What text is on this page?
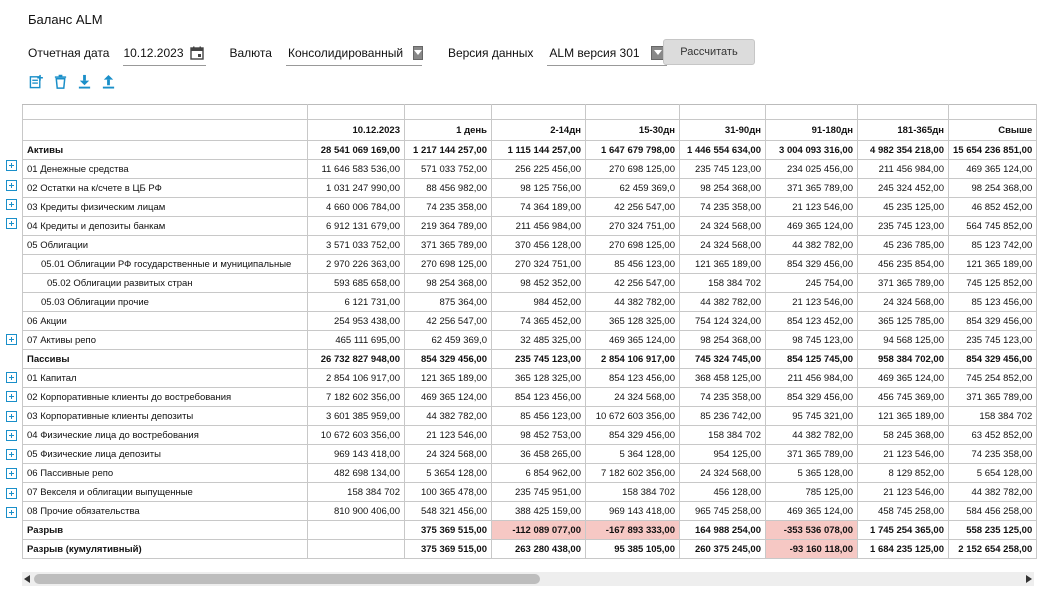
Баланс ALM
Отчетная дата 10.12.2023	Валюта Консолидированный	Версия данных ALM версия 301	Рассчитать

	10.12.2023	1 день	2-14дн	15-30дн	31-90дн	91-180дн	181-365дн	Свыше
Активы	28 541 069 169,00	1 217 144 257,00	1 115 144 257,00	1 647 679 798,00	1 446 554 634,00	3 004 093 316,00	4 982 354 218,00	15 654 236 851,00
01 Денежные средства	11 646 583 536,00	571 033 752,00	256 225 456,00	270 698 125,00	235 745 123,00	234 025 456,00	211 456 984,00	469 365 124,00
02 Остатки на к/счете в ЦБ РФ	1 031 247 990,00	88 456 982,00	98 125 756,00	62 459 369,0	98 254 368,00	371 365 789,00	245 324 452,00	98 254 368,00
03 Кредиты физическим лицам	4 660 006 784,00	74 235 358,00	74 364 189,00	42 256 547,00	74 235 358,00	21 123 546,00	45 235 125,00	46 852 452,00
04 Кредиты и депозиты банкам	6 912 131 679,00	219 364 789,00	211 456 984,00	270 324 751,00	24 324 568,00	469 365 124,00	235 745 123,00	564 745 852,00
05 Облигации	3 571 033 752,00	371 365 789,00	370 456 128,00	270 698 125,00	24 324 568,00	44 382 782,00	45 236 785,00	85 123 742,00
05.01 Облигации РФ государственные и муниципальные	2 970 226 363,00	270 698 125,00	270 324 751,00	85 456 123,00	121 365 189,00	854 329 456,00	456 235 854,00	121 365 189,00
05.02 Облигации развитых стран	593 685 658,00	98 254 368,00	98 452 352,00	42 256 547,00	158 384 702	245 754,00	371 365 789,00	745 125 852,00
05.03 Облигации прочие	6 121 731,00	875 364,00	984 452,00	44 382 782,00	44 382 782,00	21 123 546,00	24 324 568,00	85 123 456,00
06 Акции	254 953 438,00	42 256 547,00	74 365 452,00	365 128 325,00	754 124 324,00	854 123 452,00	365 125 785,00	854 329 456,00
07 Активы репо	465 111 695,00	62 459 369,0	32 485 325,00	469 365 124,00	98 254 368,00	98 745 123,00	94 568 125,00	235 745 123,00
Пассивы	26 732 827 948,00	854 329 456,00	235 745 123,00	2 854 106 917,00	745 324 745,00	854 125 745,00	958 384 702,00	854 329 456,00
01 Капитал	2 854 106 917,00	121 365 189,00	365 128 325,00	854 123 456,00	368 458 125,00	211 456 984,00	469 365 124,00	745 254 852,00
02 Корпоративные клиенты до востребования	7 182 602 356,00	469 365 124,00	854 123 456,00	24 324 568,00	74 235 358,00	854 329 456,00	456 745 369,00	371 365 789,00
03 Корпоративные клиенты депозиты	3 601 385 959,00	44 382 782,00	85 456 123,00	10 672 603 356,00	85 236 742,00	95 745 321,00	121 365 189,00	158 384 702
04 Физические лица до востребования	10 672 603 356,00	21 123 546,00	98 452 753,00	854 329 456,00	158 384 702	44 382 782,00	58 245 368,00	63 452 852,00
05 Физические лица депозиты	969 143 418,00	24 324 568,00	36 458 265,00	5 364 128,00	954 125,00	371 365 789,00	21 123 546,00	74 235 358,00
06 Пассивные репо	482 698 134,00	5 3654 128,00	6 854 962,00	7 182 602 356,00	24 324 568,00	5 365 128,00	8 129 852,00	5 654 128,00
07 Векселя и облигации выпущенные	158 384 702	100 365 478,00	235 745 951,00	158 384 702	456 128,00	785 125,00	21 123 546,00	44 382 782,00
08 Прочие обязательства	810 900 406,00	548 321 456,00	388 425 159,00	969 143 418,00	965 745 258,00	469 365 124,00	458 745 258,00	584 456 258,00
Разрыв		375 369 515,00	-112 089 077,00	-167 893 333,00	164 988 254,00	-353 536 078,00	1 745 254 365,00	558 235 125,00
Разрыв (кумулятивный)		375 369 515,00	263 280 438,00	95 385 105,00	260 375 245,00	-93 160 118,00	1 684 235 125,00	2 152 654 258,00
